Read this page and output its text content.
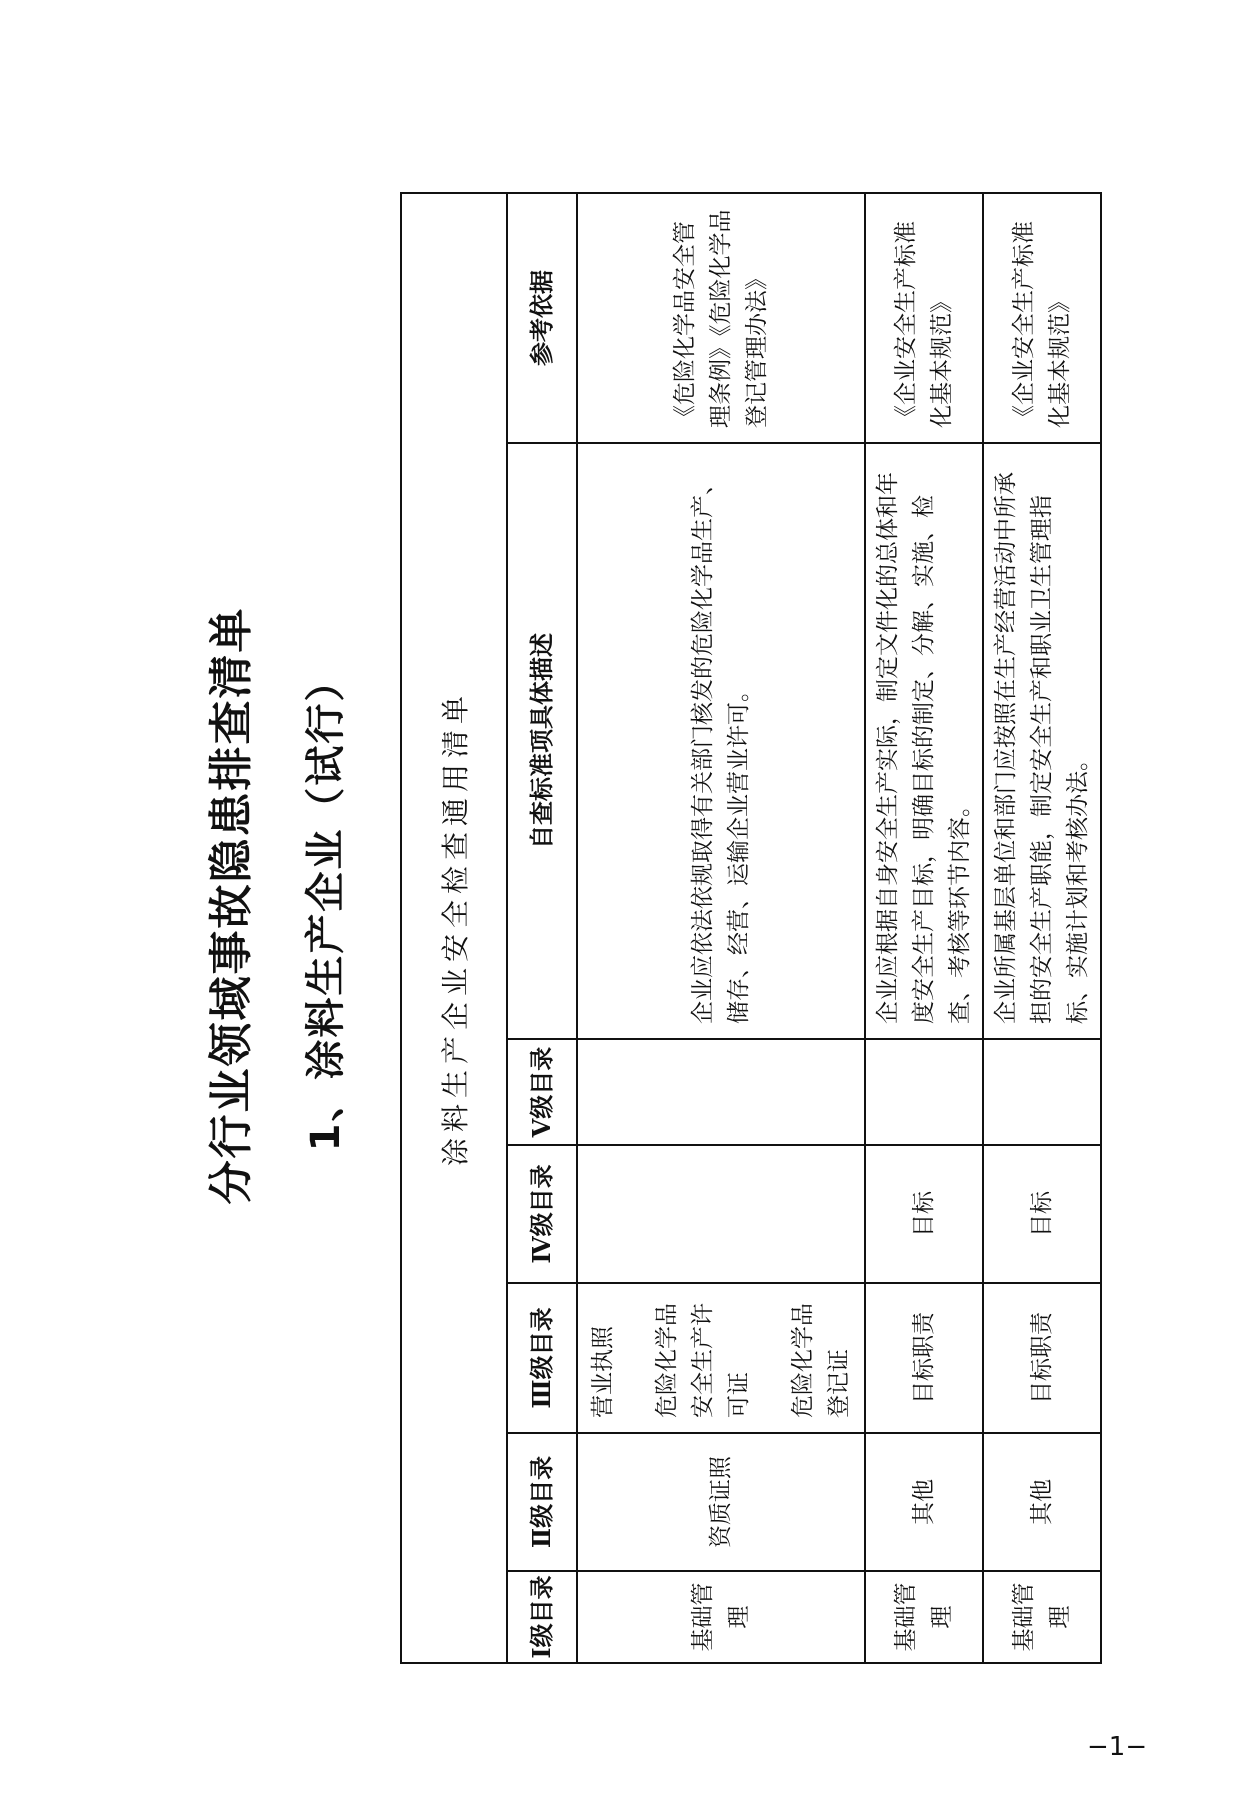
分行业领域事故隐患排查清单 1、涂料生产企业（试行）	涂料生产企业安全检查通用清单						
Ⅰ级目录	Ⅱ级目录	Ⅲ级目录	Ⅳ级目录	Ⅴ级目录	自查标准项具体描述	参考依据
基础管理	资质证照	营业执照 危险化学品安全生产许可证 危险化学品登记证			企业应依法依规取得有关部门核发的危险化学品生产、储存、经营、运输企业营业许可。	《危险化学品安全管理条例》《危险化学品登记管理办法》
基础管理	其他	目标职责	目标		企业应根据自身安全生产实际，制定文件化的总体和年度安全生产目标，明确目标的制定、分解、实施、检查、考核等环节内容。	《企业安全生产标准化基本规范》
基础管理	其他	目标职责	目标		企业所属基层单位和部门应按照在生产经营活动中所承担的安全生产职能，制定安全生产和职业卫生管理指标、实施计划和考核办法。	《企业安全生产标准化基本规范》
−1−
